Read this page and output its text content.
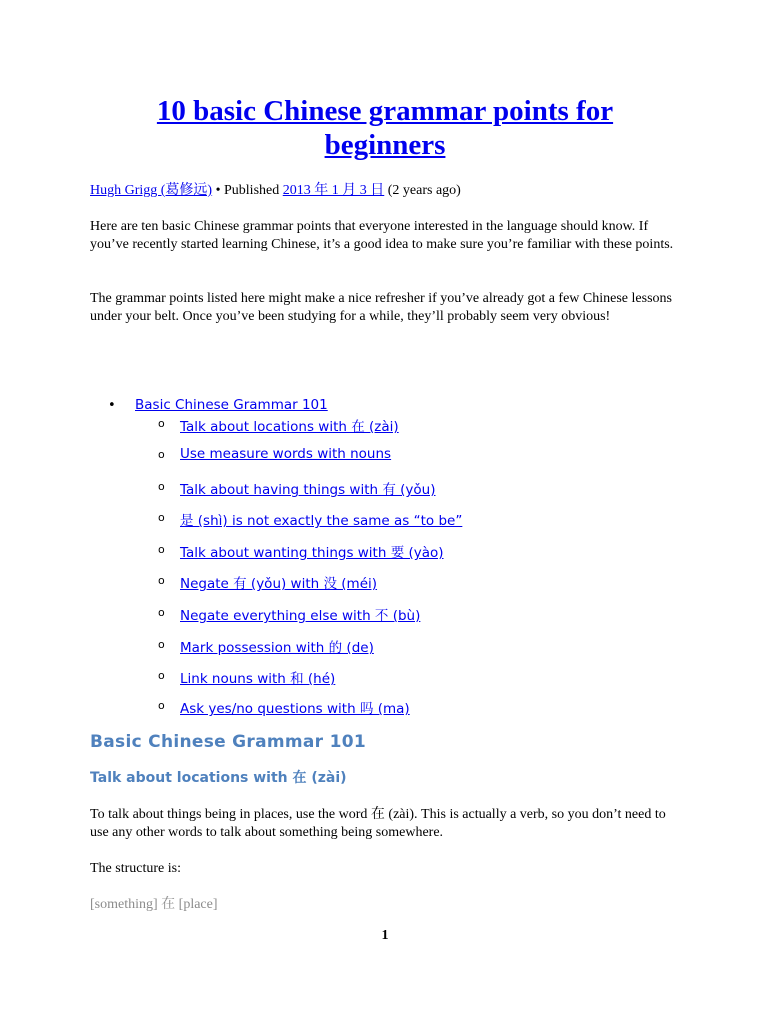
10 basic Chinese grammar points for
beginners
Hugh Grigg (葛修远) • Published 2013 年 1 月 3 日 (2 years ago)

Here are ten basic Chinese grammar points that everyone interested in the language should know. If you’ve recently started learning Chinese, it’s a good idea to make sure you’re familiar with these points.

The grammar points listed here might make a nice refresher if you’ve already got a few Chinese lessons under your belt. Once you’ve been studying for a while, they’ll probably seem very obvious!

• Basic Chinese Grammar 101
o Talk about locations with 在 (zài)
o Use measure words with nouns
o Talk about having things with 有 (yǒu)
o 是 (shì) is not exactly the same as “to be”
o Talk about wanting things with 要 (yào)
o Negate 有 (yǒu) with 没 (méi)
o Negate everything else with 不 (bù)
o Mark possession with 的 (de)
o Link nouns with 和 (hé)
o Ask yes/no questions with 吗 (ma)
Basic Chinese Grammar 101
Talk about locations with 在 (zài)

To talk about things being in places, use the word 在 (zài). This is actually a verb, so you don’t need to use any other words to talk about something being somewhere.

The structure is:

[something] 在 [place]

1
